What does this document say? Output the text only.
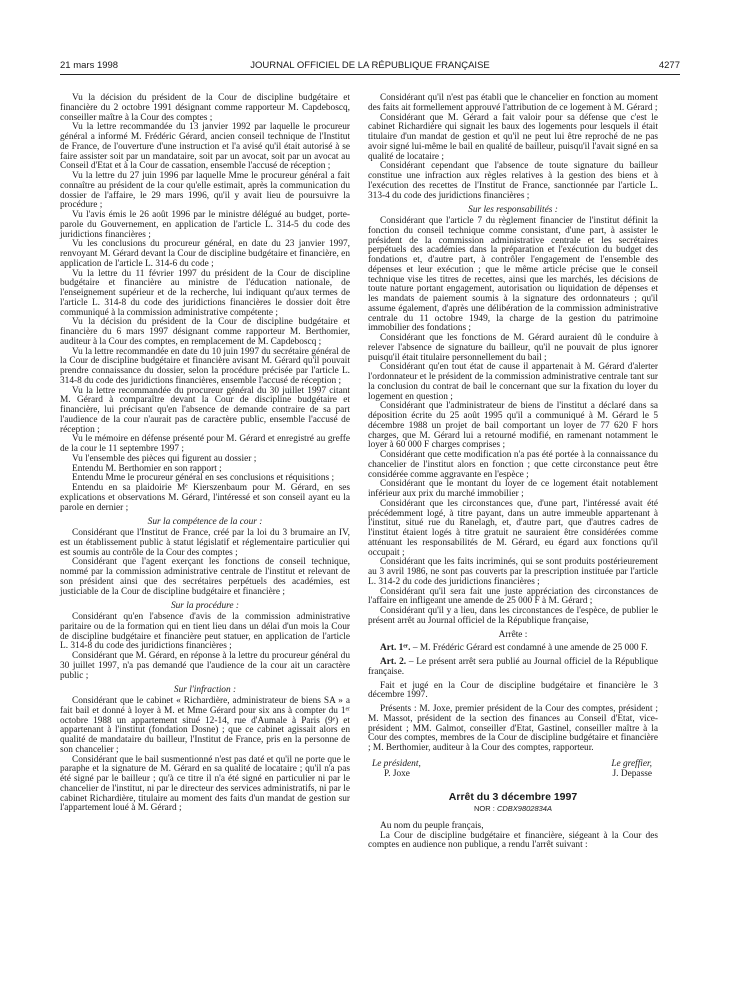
21 mars 1998	JOURNAL OFFICIEL DE LA RÉPUBLIQUE FRANÇAISE	4277

Vu la décision du président de la Cour de discipline budgétaire et financière du 2 octobre 1991 désignant comme rapporteur M. Capdeboscq, conseiller maître à la Cour des comptes ;

Vu la lettre recommandée du 13 janvier 1992 par laquelle le procureur général a informé M. Frédéric Gérard, ancien conseil technique de l'Institut de France, de l'ouverture d'une instruction et l'a avisé qu'il était autorisé à se faire assister soit par un mandataire, soit par un avocat, soit par un avocat au Conseil d'Etat et à la Cour de cassation, ensemble l'accusé de réception ;

Vu la lettre du 27 juin 1996 par laquelle Mme le procureur général a fait connaître au président de la cour qu'elle estimait, après la communication du dossier de l'affaire, le 29 mars 1996, qu'il y avait lieu de poursuivre la procédure ;

Vu l'avis émis le 26 août 1996 par le ministre délégué au budget, porte-parole du Gouvernement, en application de l'article L. 314-5 du code des juridictions financières ;

Vu les conclusions du procureur général, en date du 23 janvier 1997, renvoyant M. Gérard devant la Cour de discipline budgétaire et financière, en application de l'article L. 314-6 du code ;

Vu la lettre du 11 février 1997 du président de la Cour de discipline budgétaire et financière au ministre de l'éducation nationale, de l'enseignement supérieur et de la recherche, lui indiquant qu'aux termes de l'article L. 314-8 du code des juridictions financières le dossier doit être communiqué à la commission administrative compétente ;

Vu la décision du président de la Cour de discipline budgétaire et financière du 6 mars 1997 désignant comme rapporteur M. Berthomier, auditeur à la Cour des comptes, en remplacement de M. Capdeboscq ;

Vu la lettre recommandée en date du 10 juin 1997 du secrétaire général de la Cour de discipline budgétaire et financière avisant M. Gérard qu'il pouvait prendre connaissance du dossier, selon la procédure précisée par l'article L. 314-8 du code des juridictions financières, ensemble l'accusé de réception ;

Vu la lettre recommandée du procureur général du 30 juillet 1997 citant M. Gérard à comparaître devant la Cour de discipline budgétaire et financière, lui précisant qu'en l'absence de demande contraire de sa part l'audience de la cour n'aurait pas de caractère public, ensemble l'accusé de réception ;

Vu le mémoire en défense présenté pour M. Gérard et enregistré au greffe de la cour le 11 septembre 1997 ;

Vu l'ensemble des pièces qui figurent au dossier ;

Entendu M. Berthomier en son rapport ;

Entendu Mme le procureur général en ses conclusions et réquisitions ;

Entendu en sa plaidoirie Mᵉ Kierszenbaum pour M. Gérard, en ses explications et observations M. Gérard, l'intéressé et son conseil ayant eu la parole en dernier ;

Sur la compétence de la cour :

Considérant que l'Institut de France, créé par la loi du 3 brumaire an IV, est un établissement public à statut législatif et réglementaire particulier qui est soumis au contrôle de la Cour des comptes ;

Considérant que l'agent exerçant les fonctions de conseil technique, nommé par la commission administrative centrale de l'institut et relevant de son président ainsi que des secrétaires perpétuels des académies, est justiciable de la Cour de discipline budgétaire et financière ;

Sur la procédure :

Considérant qu'en l'absence d'avis de la commission administrative paritaire ou de la formation qui en tient lieu dans un délai d'un mois la Cour de discipline budgétaire et financière peut statuer, en application de l'article L. 314-8 du code des juridictions financières ;

Considérant que M. Gérard, en réponse à la lettre du procureur général du 30 juillet 1997, n'a pas demandé que l'audience de la cour ait un caractère public ;

Sur l'infraction :

Considérant que le cabinet « Richardière, administrateur de biens SA » a fait bail et donné à loyer à M. et Mme Gérard pour six ans à compter du 1ᵉʳ octobre 1988 un appartement situé 12-14, rue d'Aumale à Paris (9ᵉ) et appartenant à l'institut (fondation Dosne) ; que ce cabinet agissait alors en qualité de mandataire du bailleur, l'Institut de France, pris en la personne de son chancelier ;

Considérant que le bail susmentionné n'est pas daté et qu'il ne porte que le paraphe et la signature de M. Gérard en sa qualité de locataire ; qu'il n'a pas été signé par le bailleur ; qu'à ce titre il n'a été signé en particulier ni par le chancelier de l'institut, ni par le directeur des services administratifs, ni par le cabinet Richardière, titulaire au moment des faits d'un mandat de gestion sur l'appartement loué à M. Gérard ;

Considérant qu'il n'est pas établi que le chancelier en fonction au moment des faits ait formellement approuvé l'attribution de ce logement à M. Gérard ;

Considérant que M. Gérard a fait valoir pour sa défense que c'est le cabinet Richardière qui signait les baux des logements pour lesquels il était titulaire d'un mandat de gestion et qu'il ne peut lui être reproché de ne pas avoir signé lui-même le bail en qualité de bailleur, puisqu'il l'avait signé en sa qualité de locataire ;

Considérant cependant que l'absence de toute signature du bailleur constitue une infraction aux règles relatives à la gestion des biens et à l'exécution des recettes de l'Institut de France, sanctionnée par l'article L. 313-4 du code des juridictions financières ;

Sur les responsabilités :

Considérant que l'article 7 du règlement financier de l'institut définit la fonction du conseil technique comme consistant, d'une part, à assister le président de la commission administrative centrale et les secrétaires perpétuels des académies dans la préparation et l'exécution du budget des fondations et, d'autre part, à contrôler l'engagement de l'ensemble des dépenses et leur exécution ; que le même article précise que le conseil technique vise les titres de recettes, ainsi que les marchés, les décisions de toute nature portant engagement, autorisation ou liquidation de dépenses et les mandats de paiement soumis à la signature des ordonnateurs ; qu'il assume également, d'après une délibération de la commission administrative centrale du 11 octobre 1949, la charge de la gestion du patrimoine immobilier des fondations ;

Considérant que les fonctions de M. Gérard auraient dû le conduire à relever l'absence de signature du bailleur, qu'il ne pouvait de plus ignorer puisqu'il était titulaire personnellement du bail ;

Considérant qu'en tout état de cause il appartenait à M. Gérard d'alerter l'ordonnateur et le président de la commission administrative centrale tant sur la conclusion du contrat de bail le concernant que sur la fixation du loyer du logement en question ;

Considérant que l'administrateur de biens de l'institut a déclaré dans sa déposition écrite du 25 août 1995 qu'il a communiqué à M. Gérard le 5 décembre 1988 un projet de bail comportant un loyer de 77 620 F hors charges, que M. Gérard lui a retourné modifié, en ramenant notamment le loyer à 60 000 F charges comprises ;

Considérant que cette modification n'a pas été portée à la connaissance du chancelier de l'institut alors en fonction ; que cette circonstance peut être considérée comme aggravante en l'espèce ;

Considérant que le montant du loyer de ce logement était notablement inférieur aux prix du marché immobilier ;

Considérant que les circonstances que, d'une part, l'intéressé avait été précédemment logé, à titre payant, dans un autre immeuble appartenant à l'institut, situé rue du Ranelagh, et, d'autre part, que d'autres cadres de l'institut étaient logés à titre gratuit ne sauraient être considérées comme atténuant les responsabilités de M. Gérard, eu égard aux fonctions qu'il occupait ;

Considérant que les faits incriminés, qui se sont produits postérieurement au 3 avril 1986, ne sont pas couverts par la prescription instituée par l'article L. 314-2 du code des juridictions financières ;

Considérant qu'il sera fait une juste appréciation des circonstances de l'affaire en infligeant une amende de 25 000 F à M. Gérard ;

Considérant qu'il y a lieu, dans les circonstances de l'espèce, de publier le présent arrêt au Journal officiel de la République française,

Arrête :

Art. 1ᵉʳ. – M. Frédéric Gérard est condamné à une amende de 25 000 F.

Art. 2. – Le présent arrêt sera publié au Journal officiel de la République française.

Fait et jugé en la Cour de discipline budgétaire et financière le 3 décembre 1997.

Présents : M. Joxe, premier président de la Cour des comptes, président ; M. Massot, président de la section des finances au Conseil d'Etat, vice-président ; MM. Galmot, conseiller d'Etat, Gastinel, conseiller maître à la Cour des comptes, membres de la Cour de discipline budgétaire et financière ; M. Berthomier, auditeur à la Cour des comptes, rapporteur.

Le président,
P. Joxe
Le greffier,
J. Depasse
Arrêt du 3 décembre 1997
NOR : CDBX9802834A

Au nom du peuple français,

La Cour de discipline budgétaire et financière, siégeant à la Cour des comptes en audience non publique, a rendu l'arrêt suivant :
